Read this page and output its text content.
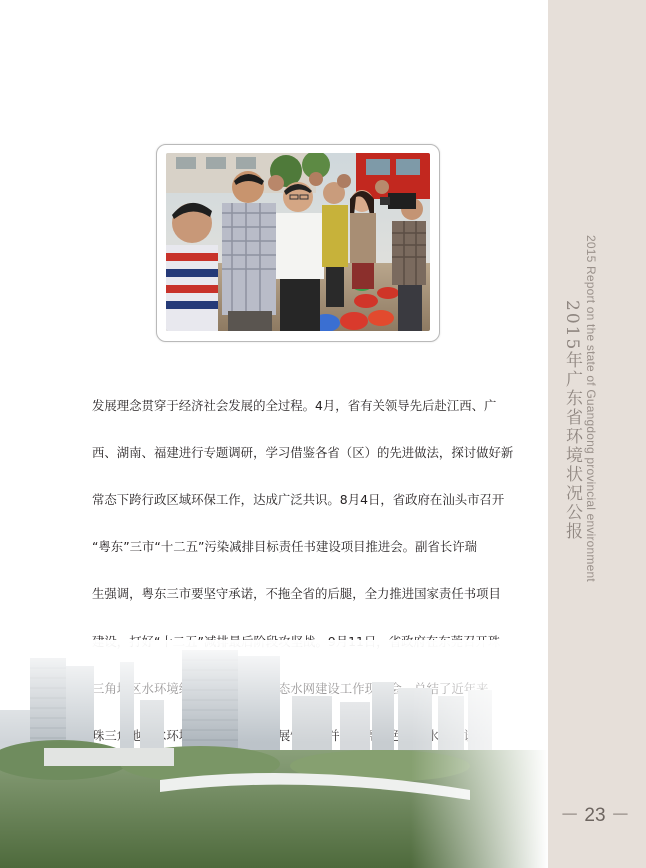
2015 Report on the state of Guangdong provincial environment
2015年广东省环境状况公报
－ 23 －

发展理念贯穿于经济社会发展的全过程。4月，省有关领导先后赴江西、广

西、湖南、福建进行专题调研，学习借鉴各省（区）的先进做法，探讨做好新

常态下跨行政区域环保工作，达成广泛共识。8月4日，省政府在汕头市召开

“粤东”三市“十二五”污染减排目标责任书建设项目推进会。副省长许瑞

生强调，粤东三市要坚守承诺，不拖全省的后腿，全力推进国家责任书项目
